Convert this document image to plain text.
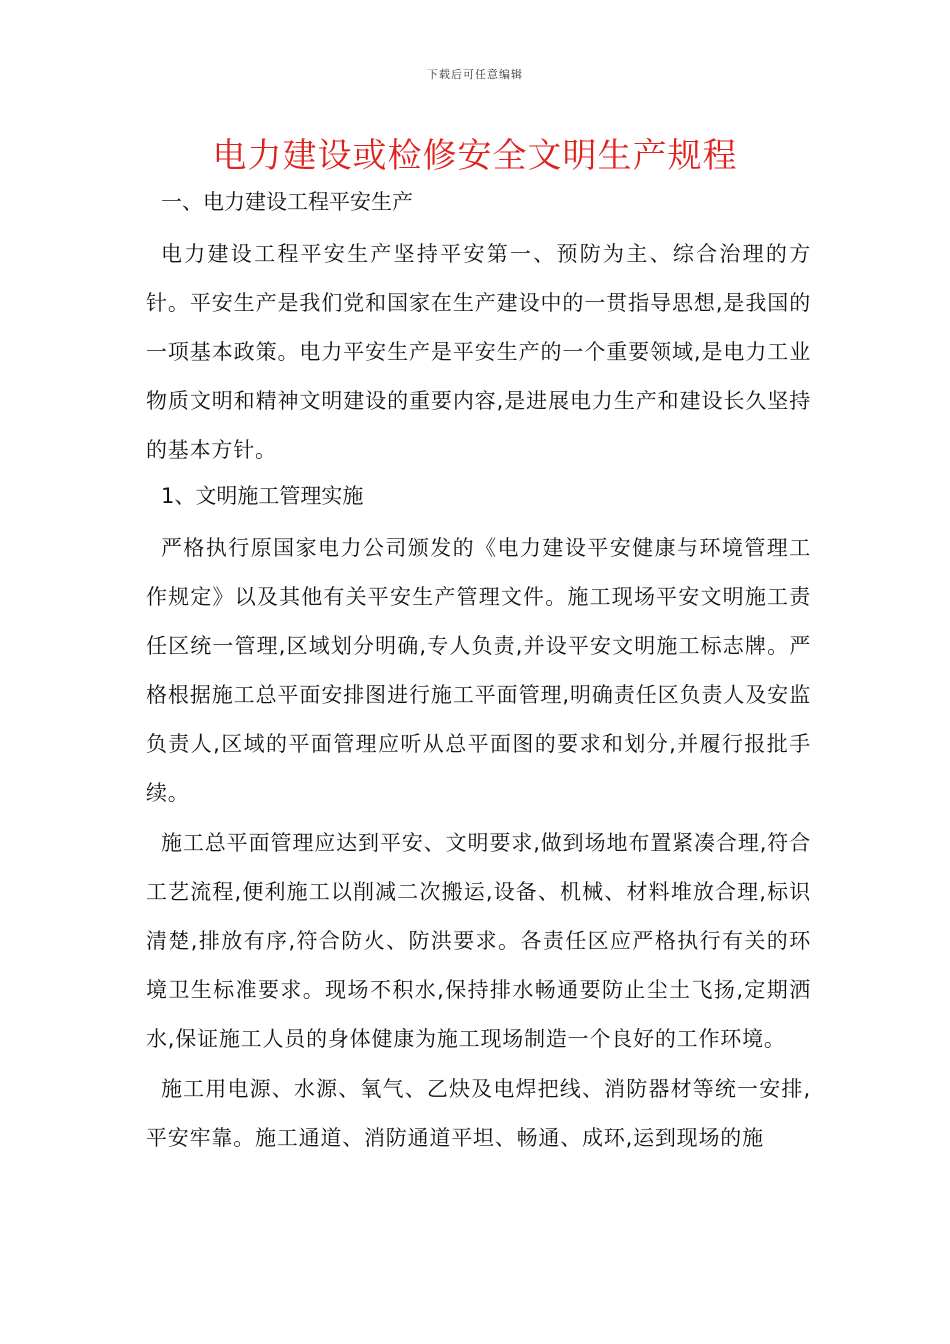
下载后可任意编辑
电力建设或检修安全文明生产规程

一、电力建设工程平安生产

电力建设工程平安生产坚持平安第一、预防为主、综合治理的方针。平安生产是我们党和国家在生产建设中的一贯指导思想,是我国的一项基本政策。电力平安生产是平安生产的一个重要领域,是电力工业物质文明和精神文明建设的重要内容,是进展电力生产和建设长久坚持的基本方针。

1、文明施工管理实施

严格执行原国家电力公司颁发的《电力建设平安健康与环境管理工作规定》以及其他有关平安生产管理文件。施工现场平安文明施工责任区统一管理,区域划分明确,专人负责,并设平安文明施工标志牌。严格根据施工总平面安排图进行施工平面管理,明确责任区负责人及安监负责人,区域的平面管理应听从总平面图的要求和划分,并履行报批手续。

施工总平面管理应达到平安、文明要求,做到场地布置紧凑合理,符合工艺流程,便利施工以削减二次搬运,设备、机械、材料堆放合理,标识清楚,排放有序,符合防火、防洪要求。各责任区应严格执行有关的环境卫生标准要求。现场不积水,保持排水畅通要防止尘土飞扬,定期洒水,保证施工人员的身体健康为施工现场制造一个良好的工作环境。

施工用电源、水源、氧气、乙炔及电焊把线、消防器材等统一安排,平安牢靠。施工通道、消防通道平坦、畅通、成环,运到现场的施
